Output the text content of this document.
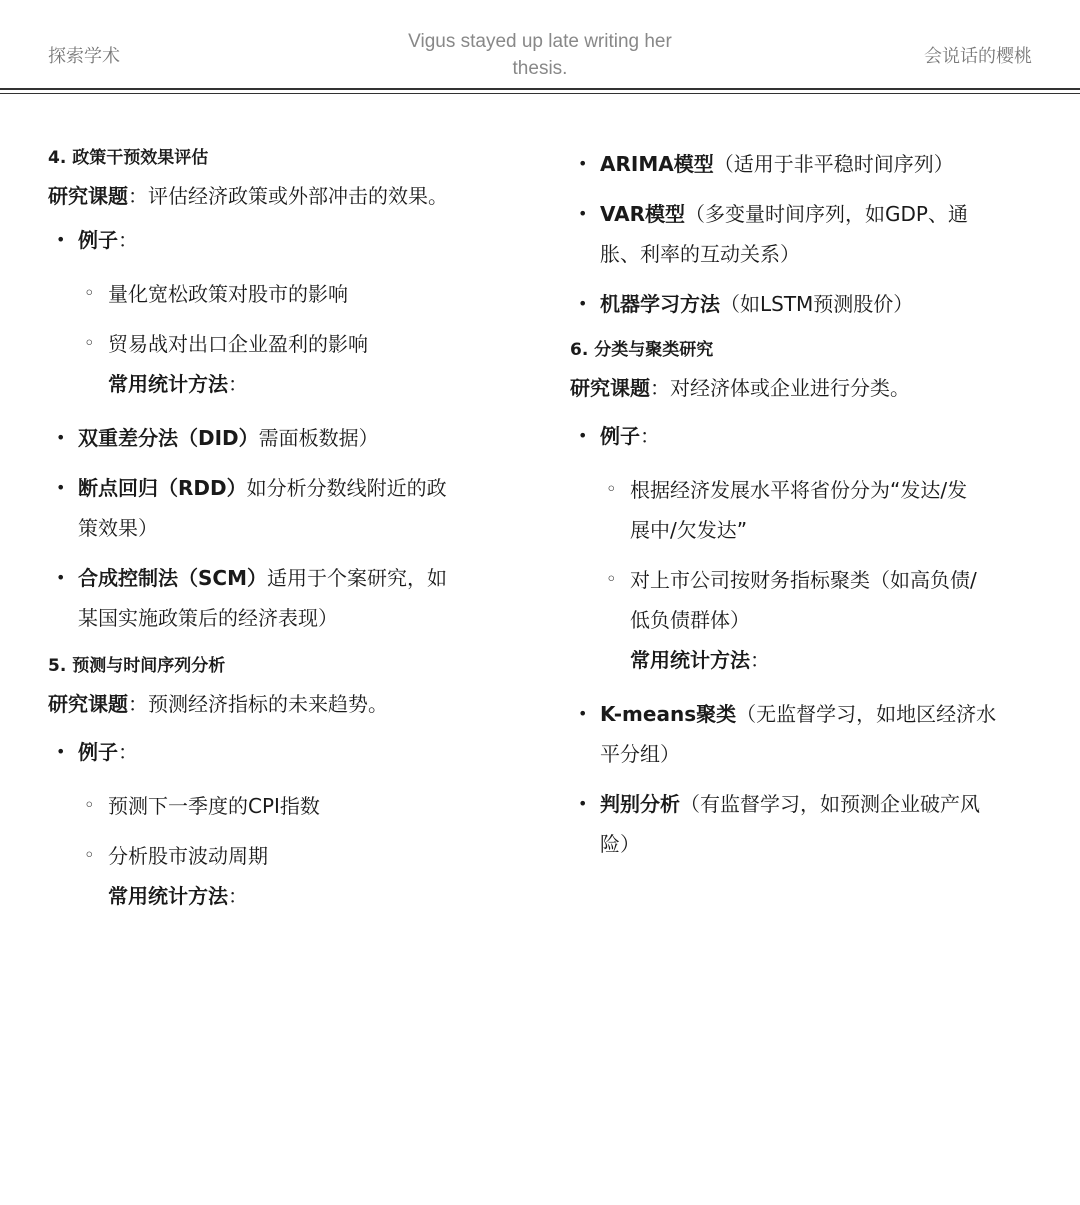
探索学术
Vigus stayed up late writing her
thesis.
会说话的樱桃

4. 政策干预效果评估

研究课题：评估经济政策或外部冲击的效果。

• 例子：
◦ 量化宽松政策对股市的影响
◦ 贸易战对出口企业盈利的影响
常用统计方法：
• 双重差分法（DID）需面板数据）
• 断点回归（RDD）如分析分数线附近的政
策效果）
• 合成控制法（SCM）适用于个案研究，如
某国实施政策后的经济表现）

5. 预测与时间序列分析

研究课题：预测经济指标的未来趋势。

• 例子：
◦ 预测下一季度的CPI指数
◦ 分析股市波动周期
常用统计方法：
• ARIMA模型（适用于非平稳时间序列）
• VAR模型（多变量时间序列，如GDP、通
胀、利率的互动关系）
• 机器学习方法（如LSTM预测股价）

6. 分类与聚类研究

研究课题：对经济体或企业进行分类。

• 例子：
◦ 根据经济发展水平将省份分为“发达/发
展中/欠发达”
◦ 对上市公司按财务指标聚类（如高负债/
低负债群体）
常用统计方法：
• K-means聚类（无监督学习，如地区经济水
平分组）
• 判别分析（有监督学习，如预测企业破产风
险）
